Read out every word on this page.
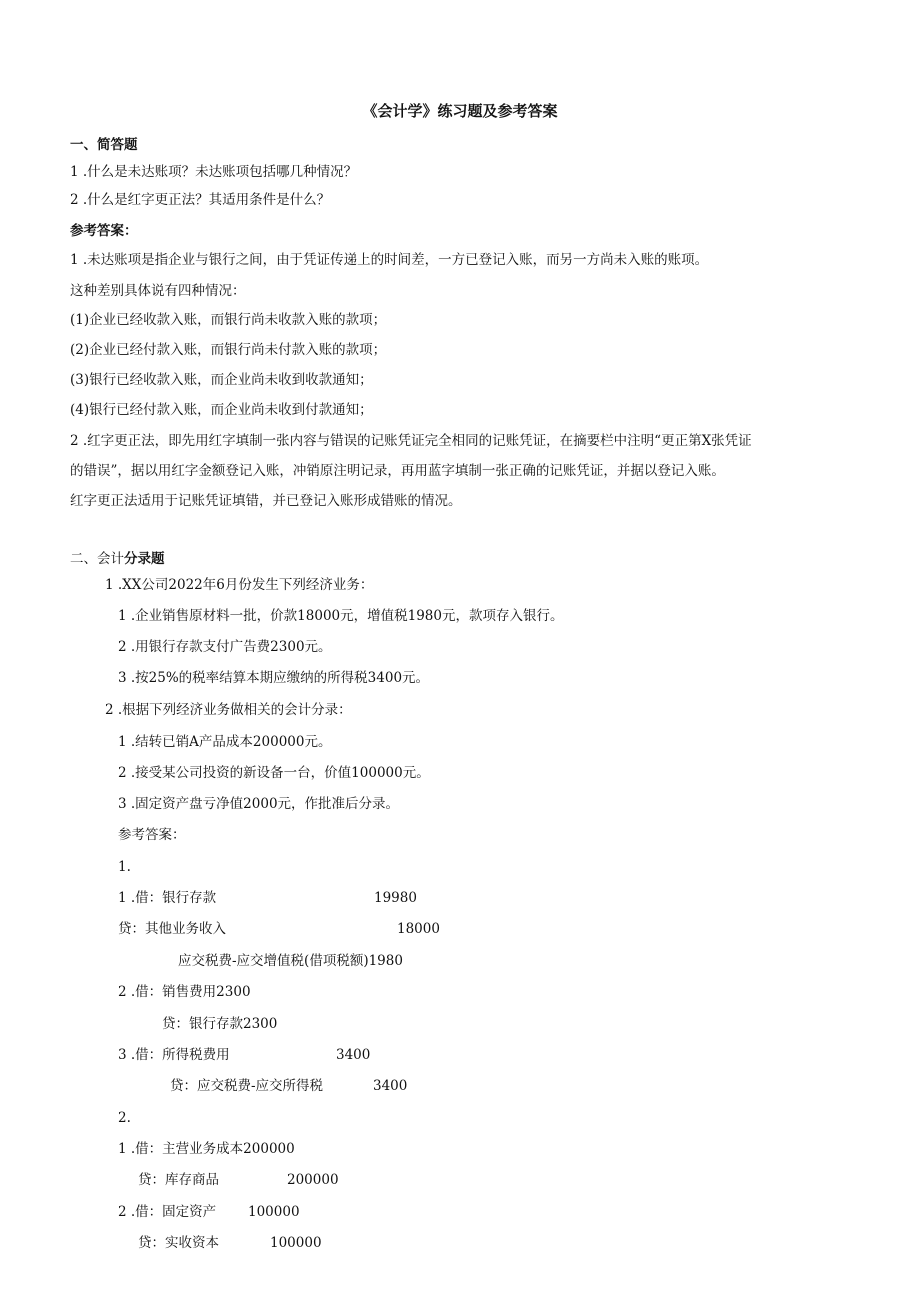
《会计学》练习题及参考答案
一、简答题
1 .什么是未达账项？未达账项包括哪几种情况？
2 .什么是红字更正法？其适用条件是什么？
参考答案：
1 .未达账项是指企业与银行之间，由于凭证传递上的时间差，一方已登记入账，而另一方尚未入账的账项。
这种差别具体说有四种情况：
(1)企业已经收款入账，而银行尚未收款入账的款项；
(2)企业已经付款入账，而银行尚未付款入账的款项；
(3)银行已经收款入账，而企业尚未收到收款通知；
(4)银行已经付款入账，而企业尚未收到付款通知；
2 .红字更正法，即先用红字填制一张内容与错误的记账凭证完全相同的记账凭证，在摘要栏中注明“更正第X张凭证
的错误”，据以用红字金额登记入账，冲销原注明记录，再用蓝字填制一张正确的记账凭证，并据以登记入账。
红字更正法适用于记账凭证填错，并已登记入账形成错账的情况。
二、会计分录题
1 .XX公司2022年6月份发生下列经济业务：
1 .企业销售原材料一批，价款18000元，增值税1980元，款项存入银行。
2 .用银行存款支付广告费2300元。
3 .按25%的税率结算本期应缴纳的所得税3400元。
2 .根据下列经济业务做相关的会计分录：
1 .结转已销A产品成本200000元。
2 .接受某公司投资的新设备一台，价值100000元。
3 .固定资产盘亏净值2000元，作批准后分录。
参考答案：
1.
1 .借：银行存款	19980
贷：其他业务收入	18000
应交税费-应交增值税(借项税额)1980
2 .借：销售费用2300
贷：银行存款2300
3 .借：所得税费用	3400
贷：应交税费-应交所得税	3400
2.
1 .借：主营业务成本200000
贷：库存商品	200000
2 .借：固定资产 100000
贷：实收资本	100000
